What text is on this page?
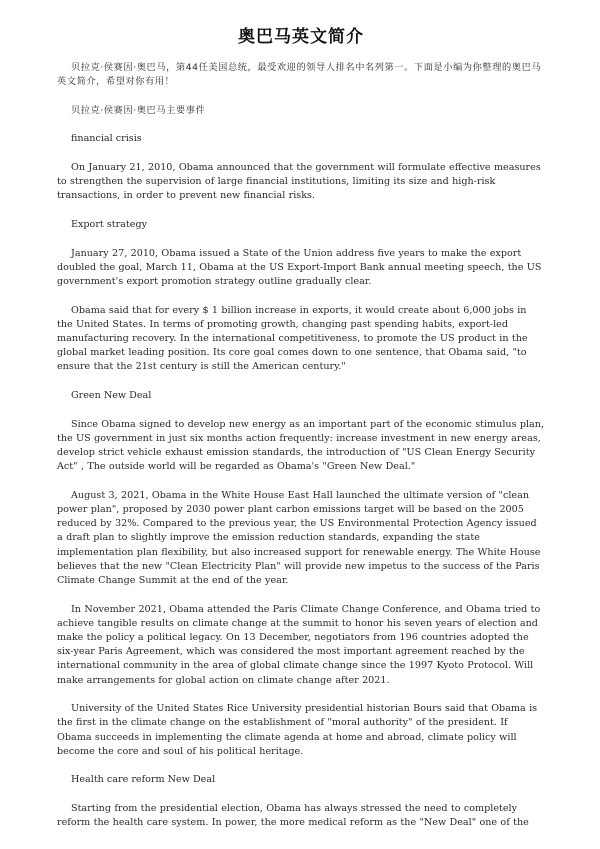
奥巴马英文简介

贝拉克·侯赛因·奥巴马，第44任美国总统，最受欢迎的领导人排名中名列第一。下面是小编为你整理的奥巴马英文简介，希望对你有用！

贝拉克·侯赛因·奥巴马主要事件

financial crisis

On January 21, 2010, Obama announced that the government will formulate effective measures to strengthen the supervision of large financial institutions, limiting its size and high-risk transactions, in order to prevent new financial risks.

Export strategy

January 27, 2010, Obama issued a State of the Union address five years to make the export doubled the goal, March 11, Obama at the US Export-Import Bank annual meeting speech, the US government's export promotion strategy outline gradually clear.

Obama said that for every $ 1 billion increase in exports, it would create about 6,000 jobs in the United States. In terms of promoting growth, changing past spending habits, export-led manufacturing recovery. In the international competitiveness, to promote the US product in the global market leading position. Its core goal comes down to one sentence, that Obama said, "to ensure that the 21st century is still the American century."

Green New Deal

Since Obama signed to develop new energy as an important part of the economic stimulus plan, the US government in just six months action frequently: increase investment in new energy areas, develop strict vehicle exhaust emission standards, the introduction of "US Clean Energy Security Act" , The outside world will be regarded as Obama's "Green New Deal."

August 3, 2021, Obama in the White House East Hall launched the ultimate version of "clean power plan", proposed by 2030 power plant carbon emissions target will be based on the 2005 reduced by 32%. Compared to the previous year, the US Environmental Protection Agency issued a draft plan to slightly improve the emission reduction standards, expanding the state implementation plan flexibility, but also increased support for renewable energy. The White House believes that the new "Clean Electricity Plan" will provide new impetus to the success of the Paris Climate Change Summit at the end of the year.

In November 2021, Obama attended the Paris Climate Change Conference, and Obama tried to achieve tangible results on climate change at the summit to honor his seven years of election and make the policy a political legacy. On 13 December, negotiators from 196 countries adopted the six-year Paris Agreement, which was considered the most important agreement reached by the international community in the area of global climate change since the 1997 Kyoto Protocol. Will make arrangements for global action on climate change after 2021.

University of the United States Rice University presidential historian Bours said that Obama is the first in the climate change on the establishment of "moral authority" of the president. If Obama succeeds in implementing the climate agenda at home and abroad, climate policy will become the core and soul of his political heritage.

Health care reform New Deal

Starting from the presidential election, Obama has always stressed the need to completely reform the health care system. In power, the more medical reform as the "New Deal" one of the
